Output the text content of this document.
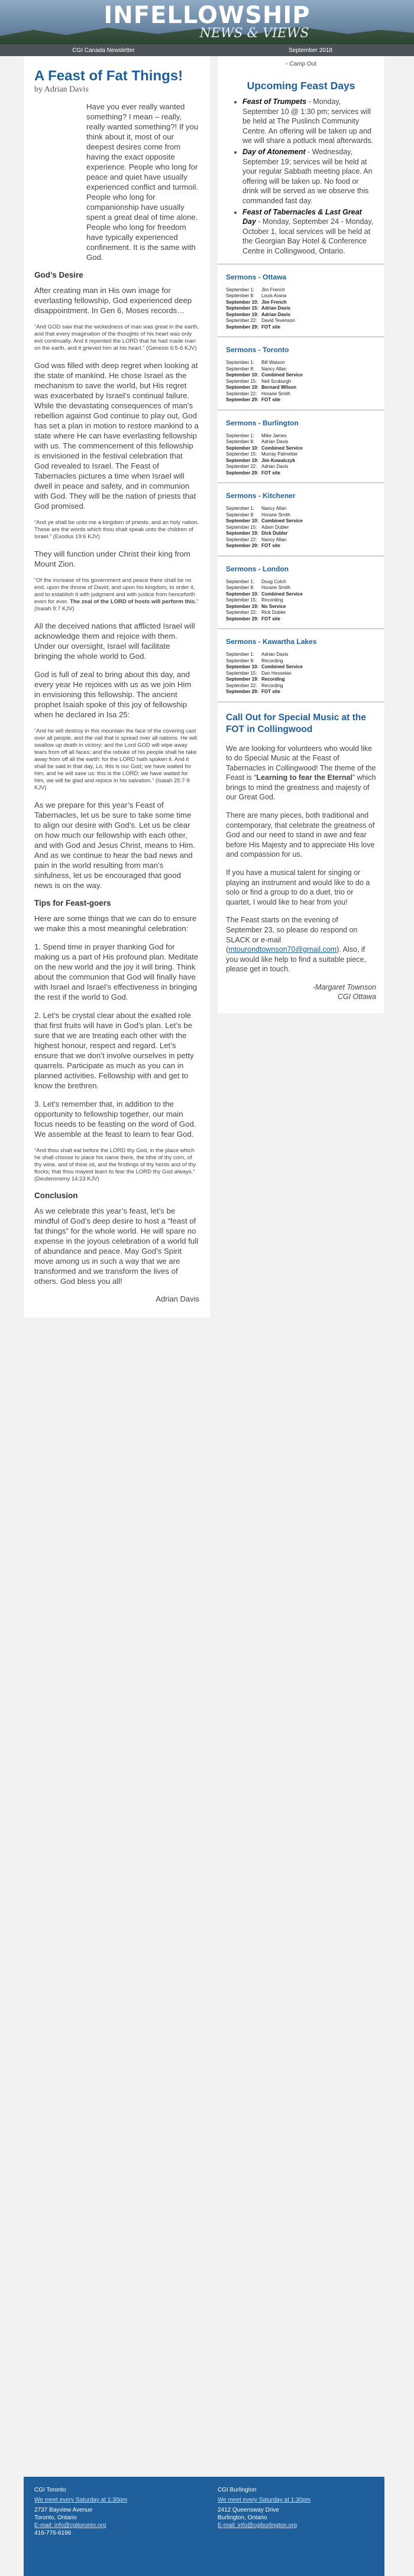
INFELLOWSHIP
NEWS & VIEWS
CGI Canada Newsletter	September 2018
A Feast of Fat Things!
by Adrian Davis

Have you ever really wanted something? I mean – really, really wanted something?! If you think about it, most of our deepest desires come from having the exact opposite experience. People who long for peace and quiet have usually experienced conflict and turmoil. People who long for companionship have usually spent a great deal of time alone. People who long for freedom have typically experienced confinement. It is the same with God.

God’s Desire

After creating man in His own image for everlasting fellowship, God experienced deep disappointment. In Gen 6, Moses records…

“And GOD saw that the wickedness of man was great in the earth, and that every imagination of the thoughts of his heart was only evil continually. And it repented the LORD that he had made man on the earth, and it grieved him at his heart.” (Genesis 6:5-6 KJV)

God was filled with deep regret when looking at the state of mankind. He chose Israel as the mechanism to save the world, but His regret was exacerbated by Israel’s continual failure. While the devastating consequences of man’s rebellion against God continue to play out, God has set a plan in motion to restore mankind to a state where He can have everlasting fellowship with us. The commencement of this fellowship is envisioned in the festival celebration that God revealed to Israel. The Feast of Tabernacles pictures a time when Israel will dwell in peace and safety, and in communion with God. They will be the nation of priests that God promised.

“And ye shall be unto me a kingdom of priests, and an holy nation. These are the words which thou shalt speak unto the children of Israel.” (Exodus 19:6 KJV)

They will function under Christ their king from Mount Zion.

“Of the increase of his government and peace there shall be no end, upon the throne of David, and upon his kingdom, to order it, and to establish it with judgment and with justice from henceforth even for ever. The zeal of the LORD of hosts will perform this.” (Isaiah 9:7 KJV)

All the deceived nations that afflicted Israel will acknowledge them and rejoice with them. Under our oversight, Israel will facilitate bringing the whole world to God.

God is full of zeal to bring about this day, and every year He rejoices with us as we join Him in envisioning this fellowship. The ancient prophet Isaiah spoke of this joy of fellowship when he declared in Isa 25:

“And he will destroy in this mountain the face of the covering cast over all people, and the vail that is spread over all nations. He will swallow up death in victory; and the Lord GOD will wipe away tears from off all faces; and the rebuke of his people shall he take away from off all the earth: for the LORD hath spoken it. And it shall be said in that day, Lo, this is our God; we have waited for him, and he will save us: this is the LORD; we have waited for him, we will be glad and rejoice in his salvation.” (Isaiah 25:7-9 KJV)

As we prepare for this year’s Feast of Tabernacles, let us be sure to take some time to align our desire with God’s. Let us be clear on how much our fellowship with each other, and with God and Jesus Christ, means to Him. And as we continue to hear the bad news and pain in the world resulting from man’s sinfulness, let us be encouraged that good news is on the way.

Tips for Feast-goers

Here are some things that we can do to ensure we make this a most meaningful celebration:

1. Spend time in prayer thanking God for making us a part of His profound plan. Meditate on the new world and the joy it will bring. Think about the communion that God will finally have with Israel and Israel’s effectiveness in bringing the rest if the world to God.

2. Let’s be crystal clear about the exalted role that first fruits will have in God’s plan. Let’s be sure that we are treating each other with the highest honour, respect and regard. Let’s ensure that we don’t involve ourselves in petty quarrels. Participate as much as you can in planned activities. Fellowship with and get to know the brethren.

3. Let’s remember that, in addition to the opportunity to fellowship together, our main focus needs to be feasting on the word of God. We assemble at the feast to learn to fear God.

“And thou shalt eat before the LORD thy God, in the place which he shall choose to place his name there, the tithe of thy corn, of thy wine, and of thine oil, and the firstlings of thy herds and of thy flocks; that thou mayest learn to fear the LORD thy God always.” (Deuteronomy 14:23 KJV)

Conclusion

As we celebrate this year’s feast, let’s be mindful of God’s deep desire to host a “feast of fat things” for the whole world. He will spare no expense in the joyous celebration of a world full of abundance and peace. May God’s Spirit move among us in such a way that we are transformed and we transform the lives of others. God bless you all!

Adrian Davis
▫ Camp Out
Upcoming Feast Days
• Feast of Trumpets - Monday, September 10 @ 1:30 pm; services will be held at The Puslinch Community Centre. An offering will be taken up and we will share a potluck meal afterwards.
• Day of Atonement - Wednesday, September 19; services will be held at your regular Sabbath meeting place. An offering will be taken up. No food or drink will be served as we observe this commanded fast day.
• Feast of Tabernacles & Last Great Day - Monday, September 24 - Monday, October 1, local services will be held at the Georgian Bay Hotel & Conference Centre in Collingwood, Ontario.
Sermons - Ottawa
September 1: Jim French
September 8: Louis Arana
September 10: Jim French
September 15: Adrian Davis
September 19: Adrian Davis
September 22: David Tevenson
September 29: FOT site
Sermons - Toronto
September 1: Bill Watson
September 8: Nancy Allan
September 10: Combined Service
September 15: Neil Scoburgh
September 19: Bernard Wilson
September 22: Horane Smith
September 29: FOT site
Sermons - Burlington
September 1: Mike James
September 8: Adrian Davis
September 10: Combined Service
September 15: Murray Palmetter
September 19: Jim Kowalczyk
September 22: Adrian Davis
September 29: FOT site
Sermons - Kitchener
September 1: Nancy Allan
September 8: Horane Smith
September 10: Combined Service
September 15: Adam Dubler
September 19: Dick Dubler
September 22: Nancy Allan
September 29: FOT site
Sermons - London
September 1: Doug Colch
September 8: Horane Smith
September 10: Combined Service
September 15: Recording
September 19: No Service
September 22: Rick Dubler
September 29: FOT site
Sermons - Kawartha Lakes
September 1: Adrian Davis
September 8: Recording
September 10: Combined Service
September 15: Dan Hessetan
September 19: Recording
September 22: Recording
September 29: FOT site
Call Out for Special Music at the FOT in Collingwood

We are looking for volunteers who would like to do Special Music at the Feast of Tabernacles in Collingwood! The theme of the Feast is “Learning to fear the Eternal” which brings to mind the greatness and majesty of our Great God.

There are many pieces, both traditional and contemporary, that celebrate the greatness of God and our need to stand in awe and fear before His Majesty and to appreciate His love and compassion for us.

If you have a musical talent for singing or playing an instrument and would like to do a solo or find a group to do a duet, trio or quartet, I would like to hear from you!

The Feast starts on the evening of September 23, so please do respond on SLACK or e-mail (mtourondtownson70@gmail.com). Also, if you would like help to find a suitable piece, please get in touch.

-Margaret Townson
CGI Ottawa
CGI Toronto
We meet every Saturday at 1:30pm
2737 Bayview Avenue
Toronto, Ontario
E-mail: info@cgitoronto.org
416-776-6196
CGI Burlington
We meet every Saturday at 1:30pm
2412 Queensway Drive
Burlington, Ontario
E-mail: info@cgiburlington.org
